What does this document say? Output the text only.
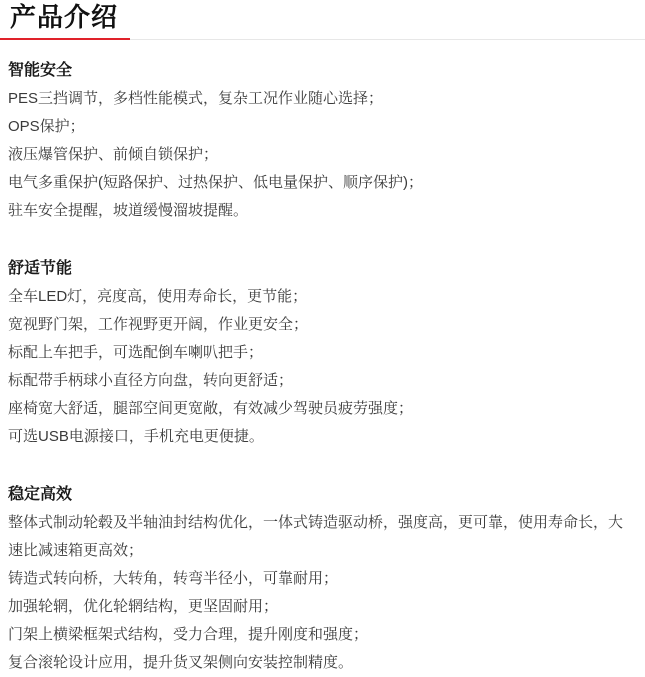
产品介绍
智能安全

PES三挡调节，多档性能模式，复杂工况作业随心选择；

OPS保护；

液压爆管保护、前倾自锁保护；

电气多重保护(短路保护、过热保护、低电量保护、顺序保护)；

驻车安全提醒，坡道缓慢溜坡提醒。

舒适节能

全车LED灯，亮度高，使用寿命长，更节能；

宽视野门架，工作视野更开阔，作业更安全；

标配上车把手，可选配倒车喇叭把手；

标配带手柄球小直径方向盘，转向更舒适；

座椅宽大舒适，腿部空间更宽敞，有效减少驾驶员疲劳强度；

可选USB电源接口，手机充电更便捷。

稳定高效

整体式制动轮毂及半轴油封结构优化，一体式铸造驱动桥，强度高，更可靠，使用寿命长，大速比减速箱更高效；

铸造式转向桥，大转角，转弯半径小，可靠耐用；

加强轮辋，优化轮辋结构，更坚固耐用；

门架上横梁框架式结构，受力合理，提升刚度和强度；

复合滚轮设计应用，提升货叉架侧向安装控制精度。
